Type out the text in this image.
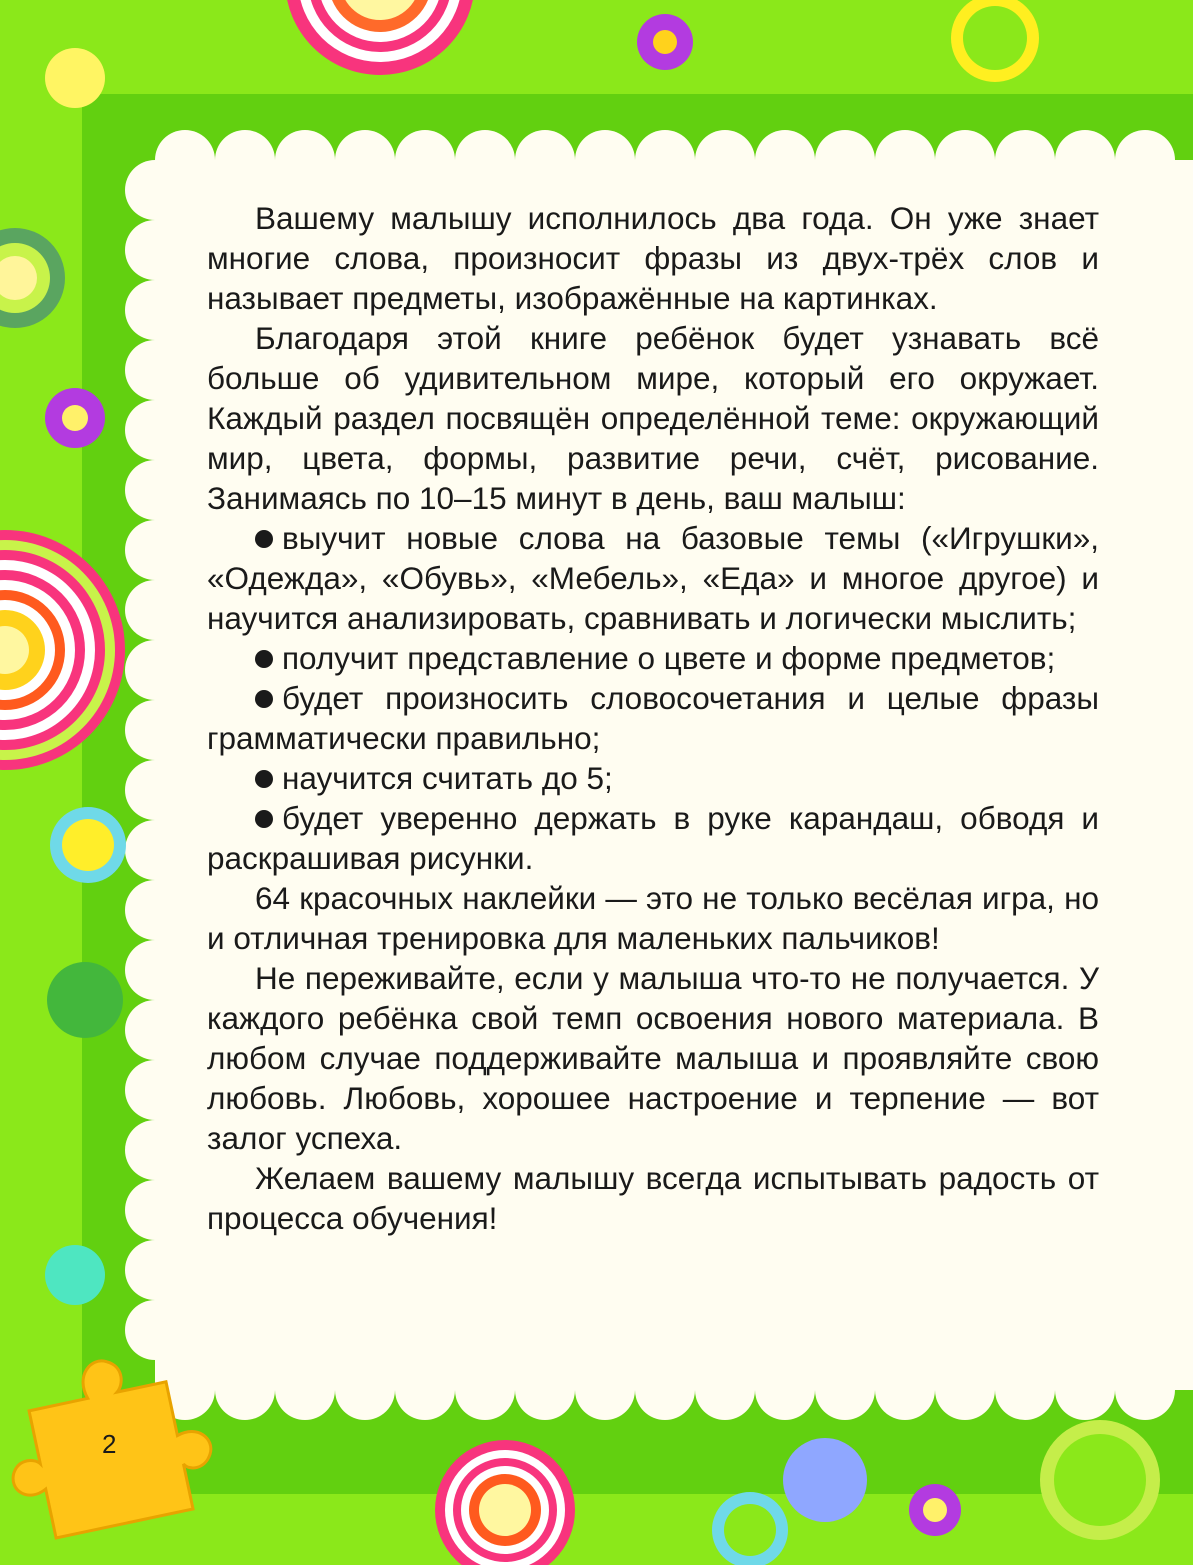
2

Вашему малышу исполнилось два года. Он уже знает многие слова, произносит фразы из двух-трёх слов и называет предметы, изображённые на картинках.

Благодаря этой книге ребёнок будет узнавать всё больше об удивительном мире, который его окружает. Каждый раздел посвящён определённой теме: окружающий мир, цвета, формы, развитие речи, счёт, рисование. Занимаясь по 10–15 минут в день, ваш малыш:

выучит новые слова на базовые темы («Игрушки», «Одежда», «Обувь», «Мебель», «Еда» и многое другое) и научится анализировать, сравнивать и логически мыслить;

получит представление о цвете и форме предметов;

будет произносить словосочетания и целые фразы грамматически правильно;

научится считать до 5;

будет уверенно держать в руке карандаш, обводя и раскрашивая рисунки.

64 красочных наклейки — это не только весёлая игра, но и отличная тренировка для маленьких пальчиков!

Не переживайте, если у малыша что-то не получается. У каждого ребёнка свой темп освоения нового материала. В любом случае поддерживайте малыша и проявляйте свою любовь. Любовь, хорошее настроение и терпение — вот залог успеха.

Желаем вашему малышу всегда испытывать радость от процесса обучения!
